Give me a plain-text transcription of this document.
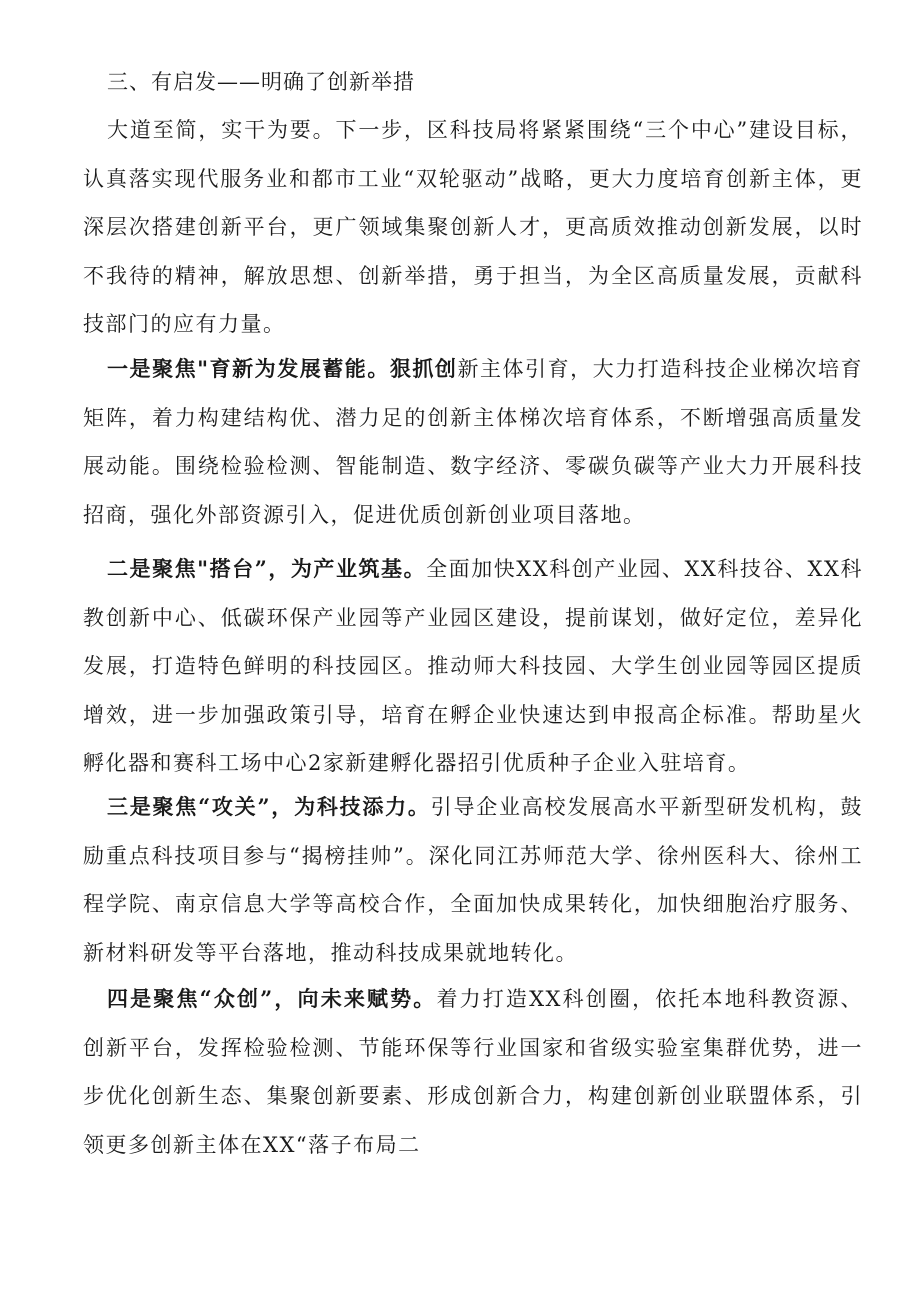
三、有启发——明确了创新举措

大道至简，实干为要。下一步，区科技局将紧紧围绕“三个中心”建设目标，认真落实现代服务业和都市工业“双轮驱动”战略，更大力度培育创新主体，更深层次搭建创新平台，更广领域集聚创新人才，更高质效推动创新发展，以时不我待的精神，解放思想、创新举措，勇于担当，为全区高质量发展，贡献科技部门的应有力量。

一是聚焦"育新为发展蓄能。狠抓创新主体引育，大力打造科技企业梯次培育矩阵，着力构建结构优、潜力足的创新主体梯次培育体系，不断增强高质量发展动能。围绕检验检测、智能制造、数字经济、零碳负碳等产业大力开展科技招商，强化外部资源引入，促进优质创新创业项目落地。

二是聚焦"搭台”，为产业筑基。全面加快XX科创产业园、XX科技谷、XX科教创新中心、低碳环保产业园等产业园区建设，提前谋划，做好定位，差异化发展，打造特色鲜明的科技园区。推动师大科技园、大学生创业园等园区提质增效，进一步加强政策引导，培育在孵企业快速达到申报高企标准。帮助星火孵化器和赛科工场中心2家新建孵化器招引优质种子企业入驻培育。

三是聚焦“攻关”，为科技添力。引导企业高校发展高水平新型研发机构，鼓励重点科技项目参与“揭榜挂帅”。深化同江苏师范大学、徐州医科大、徐州工程学院、南京信息大学等高校合作，全面加快成果转化，加快细胞治疗服务、新材料研发等平台落地，推动科技成果就地转化。

四是聚焦“众创”，向未来赋势。着力打造XX科创圈，依托本地科教资源、创新平台，发挥检验检测、节能环保等行业国家和省级实验室集群优势，进一步优化创新生态、集聚创新要素、形成创新合力，构建创新创业联盟体系，引领更多创新主体在XX“落子布局二
